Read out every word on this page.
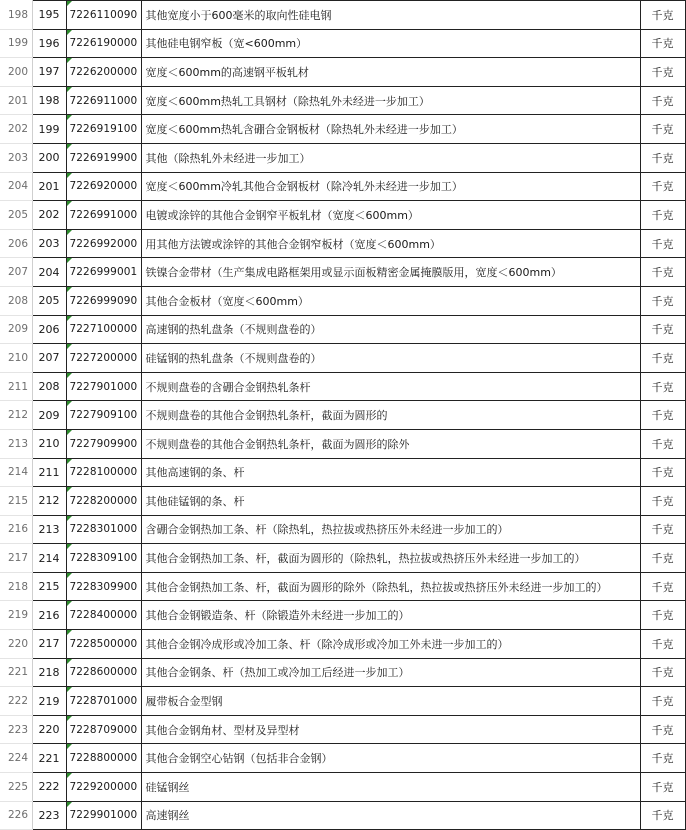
198	195	7226110090	其他宽度小于600毫米的取向性硅电钢	千克	
199	196	7226190000	其他硅电钢窄板（宽<600mm）	千克	
200	197	7226200000	宽度＜600mm的高速钢平板轧材	千克	
201	198	7226911000	宽度＜600mm热轧工具钢材（除热轧外未经进一步加工）	千克	
202	199	7226919100	宽度＜600mm热轧含硼合金钢板材（除热轧外未经进一步加工）	千克	
203	200	7226919900	其他（除热轧外未经进一步加工）	千克	
204	201	7226920000	宽度＜600mm冷轧其他合金钢板材（除冷轧外未经进一步加工）	千克	
205	202	7226991000	电镀或涂锌的其他合金钢窄平板轧材（宽度＜600mm）	千克	
206	203	7226992000	用其他方法镀或涂锌的其他合金钢窄板材（宽度＜600mm）	千克	
207	204	7226999001	铁镍合金带材（生产集成电路框架用或显示面板精密金属掩膜版用，宽度＜600mm）	千克	
208	205	7226999090	其他合金板材（宽度＜600mm）	千克	
209	206	7227100000	高速钢的热轧盘条（不规则盘卷的）	千克	
210	207	7227200000	硅锰钢的热轧盘条（不规则盘卷的）	千克	
211	208	7227901000	不规则盘卷的含硼合金钢热轧条杆	千克	
212	209	7227909100	不规则盘卷的其他合金钢热轧条杆，截面为圆形的	千克	
213	210	7227909900	不规则盘卷的其他合金钢热轧条杆，截面为圆形的除外	千克	
214	211	7228100000	其他高速钢的条、杆	千克	
215	212	7228200000	其他硅锰钢的条、杆	千克	
216	213	7228301000	含硼合金钢热加工条、杆（除热轧，热拉拔或热挤压外未经进一步加工的）	千克	
217	214	7228309100	其他合金钢热加工条、杆，截面为圆形的（除热轧，热拉拔或热挤压外未经进一步加工的）	千克	
218	215	7228309900	其他合金钢热加工条、杆，截面为圆形的除外（除热轧，热拉拔或热挤压外未经进一步加工的）	千克	
219	216	7228400000	其他合金钢锻造条、杆（除锻造外未经进一步加工的）	千克	
220	217	7228500000	其他合金钢冷成形或冷加工条、杆（除冷成形或冷加工外未进一步加工的）	千克	
221	218	7228600000	其他合金钢条、杆（热加工或冷加工后经进一步加工）	千克	
222	219	7228701000	履带板合金型钢	千克	
223	220	7228709000	其他合金钢角材、型材及异型材	千克	
224	221	7228800000	其他合金钢空心钻钢（包括非合金钢）	千克	
225	222	7229200000	硅锰钢丝	千克	
226	223	7229901000	高速钢丝	千克	
